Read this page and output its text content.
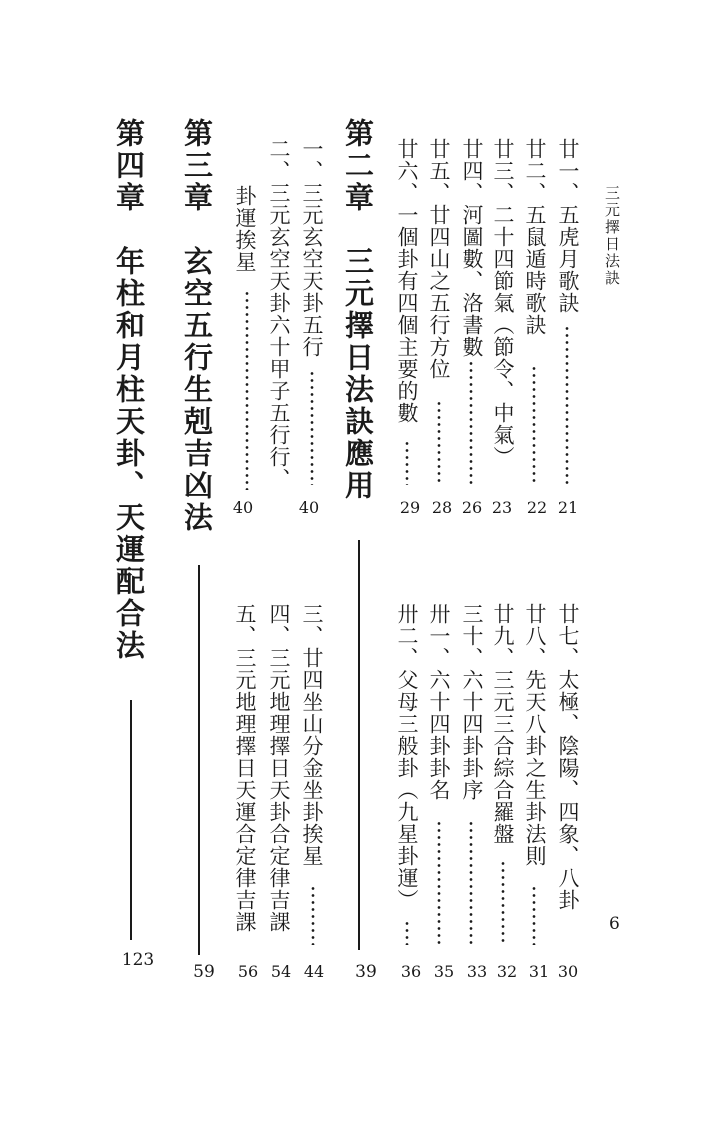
三元擇日法訣
6
廿一、五虎月歌訣
21
廿二、五鼠遁時歌訣
22
廿三、二十四節氣（節令、中氣）
23
廿四、河圖數、洛書數
26
廿五、廿四山之五行方位
28
廿六、一個卦有四個主要的數
29
廿七、太極、陰陽、四象、八卦
30
廿八、先天八卦之生卦法則
31
廿九、三元三合綜合羅盤
32
三十、六十四卦卦序
33
卅一、六十四卦卦名
35
卅二、父母三般卦（九星卦運）
36
第二章　三元擇日法訣應用
39
一、三元玄空天卦五行
40
二、三元玄空天卦六十甲子五行行、
卦運挨星
40
三、廿四坐山分金坐卦挨星
44
四、三元地理擇日天卦合定律吉課
54
五、三元地理擇日天運合定律吉課
56
第三章　玄空五行生剋吉凶法
59
第四章　年柱和月柱天卦、天運配合法
123
